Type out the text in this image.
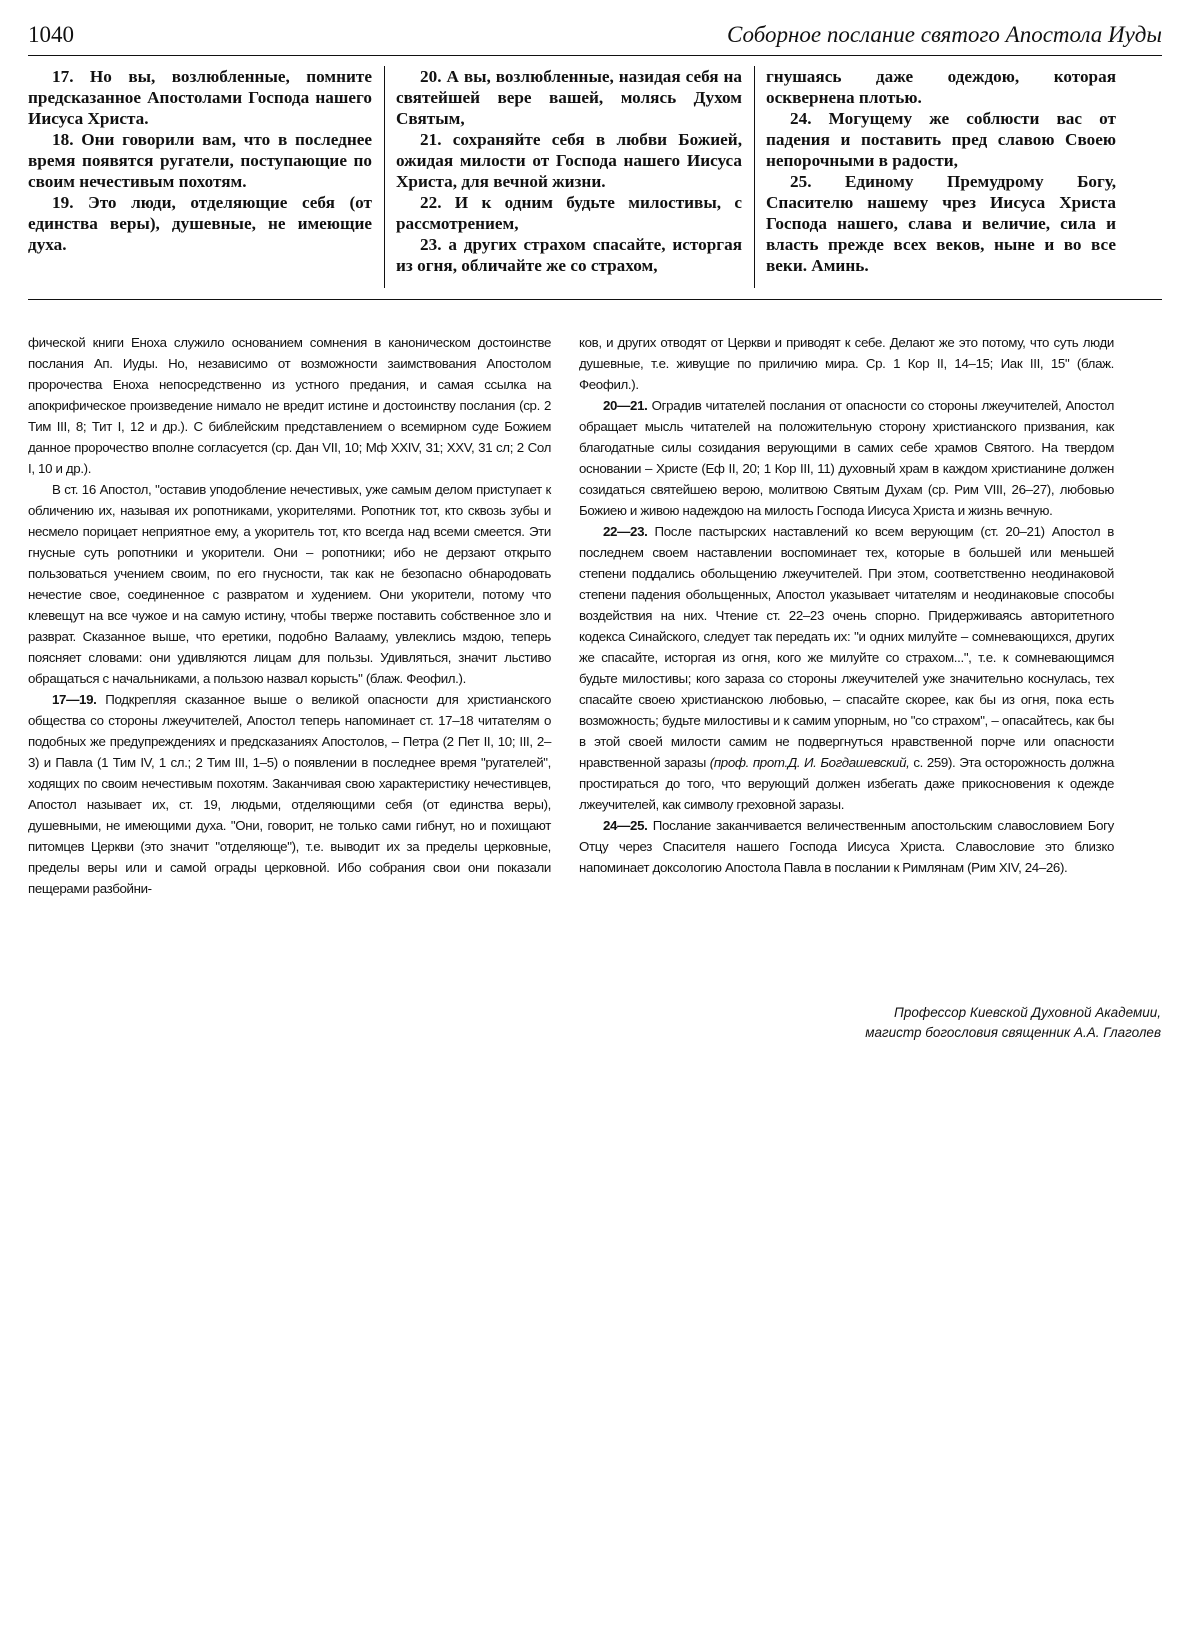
1040	Соборное послание святого Апостола Иуды

17. Но вы, возлюбленные, помните предсказанное Апостолами Господа нашего Иисуса Христа.

18. Они говорили вам, что в последнее время появятся ругатели, поступающие по своим нечестивым похотям.

19. Это люди, отделяющие себя (от единства веры), душевные, не имеющие духа.

20. А вы, возлюбленные, назидая себя на святейшей вере вашей, молясь Духом Святым,

21. сохраняйте себя в любви Божией, ожидая милости от Господа нашего Иисуса Христа, для вечной жизни.

22. И к одним будьте милостивы, с рассмотрением,

23. а других страхом спасайте, исторгая из огня, обличайте же со страхом,

гнушаясь даже одеждою, которая осквернена плотью.

24. Могущему же соблюсти вас от падения и поставить пред славою Своею непорочными в радости,

25. Единому Премудрому Богу, Спасителю нашему чрез Иисуса Христа Господа нашего, слава и величие, сила и власть прежде всех веков, ныне и во все веки. Аминь.

фической книги Еноха служило основанием сомнения в каноническом достоинстве послания Ап. Иуды. Но, независимо от возможности заимствования Апостолом пророчества Еноха непосредственно из устного предания, и самая ссылка на апокрифическое произведение нимало не вредит истине и достоинству послания (ср. 2 Тим III, 8; Тит I, 12 и др.). С библейским представлением о всемирном суде Божием данное пророчество вполне согласуется (ср. Дан VII, 10; Мф XXIV, 31; XXV, 31 сл; 2 Сол I, 10 и др.).

В ст. 16 Апостол, "оставив уподобление нечестивых, уже самым делом приступает к обличению их, называя их ропотниками, укорителями. Ропотник тот, кто сквозь зубы и несмело порицает неприятное ему, а укоритель тот, кто всегда над всеми смеется. Эти гнусные суть ропотники и укорители. Они – ропотники; ибо не дерзают открыто пользоваться учением своим, по его гнусности, так как не безопасно обнародовать нечестие свое, соединенное с развратом и худением. Они укорители, потому что клевещут на все чужое и на самую истину, чтобы тверже поставить собственное зло и разврат. Сказанное выше, что еретики, подобно Валааму, увлеклись мздою, теперь поясняет словами: они удивляются лицам для пользы. Удивляться, значит льстиво обращаться с начальниками, а пользою назвал корысть" (блаж. Феофил.).

17—19. Подкрепляя сказанное выше о великой опасности для христианского общества со стороны лжеучителей, Апостол теперь напоминает ст. 17–18 читателям о подобных же предупреждениях и предсказаниях Апостолов, – Петра (2 Пет II, 10; III, 2–3) и Павла (1 Тим IV, 1 сл.; 2 Тим III, 1–5) о появлении в последнее время "ругателей", ходящих по своим нечестивым похотям. Заканчивая свою характеристику нечестивцев, Апостол называет их, ст. 19, людьми, отделяющими себя (от единства веры), душевными, не имеющими духа. "Они, говорит, не только сами гибнут, но и похищают питомцев Церкви (это значит "отделяюще"), т.е. выводит их за пределы церковные, пределы веры или и самой ограды церковной. Ибо собрания свои они показали пещерами разбойни-

ков, и других отводят от Церкви и приводят к себе. Делают же это потому, что суть люди душевные, т.е. живущие по приличию мира. Ср. 1 Кор II, 14–15; Иак III, 15" (блаж. Феофил.).

20—21. Оградив читателей послания от опасности со стороны лжеучителей, Апостол обращает мысль читателей на положительную сторону христианского призвания, как благодатные силы созидания верующими в самих себе храмов Святого. На твердом основании – Христе (Еф II, 20; 1 Кор III, 11) духовный храм в каждом христианине должен созидаться святейшею верою, молитвою Святым Духам (ср. Рим VIII, 26–27), любовью Божиею и живою надеждою на милость Господа Иисуса Христа и жизнь вечную.

22—23. После пастырских наставлений ко всем верующим (ст. 20–21) Апостол в последнем своем наставлении воспоминает тех, которые в большей или меньшей степени поддались обольщению лжеучителей. При этом, соответственно неодинаковой степени падения обольщенных, Апостол указывает читателям и неодинаковые способы воздействия на них. Чтение ст. 22–23 очень спорно. Придерживаясь авторитетного кодекса Синайского, следует так передать их: "и одних милуйте – сомневающихся, других же спасайте, исторгая из огня, кого же милуйте со страхом...", т.е. к сомневающимся будьте милостивы; кого зараза со стороны лжеучителей уже значительно коснулась, тех спасайте своею христианскою любовью, – спасайте скорее, как бы из огня, пока есть возможность; будьте милостивы и к самим упорным, но "со страхом", – опасайтесь, как бы в этой своей милости самим не подвергнуться нравственной порче или опасности нравственной заразы (проф. прот.Д. И. Богдашевский, с. 259). Эта осторожность должна простираться до того, что верующий должен избегать даже прикосновения к одежде лжеучителей, как символу греховной заразы.

24—25. Послание заканчивается величественным апостольским славословием Богу Отцу через Спасителя нашего Господа Иисуса Христа. Славословие это близко напоминает доксологию Апостола Павла в послании к Римлянам (Рим XIV, 24–26).

Профессор Киевской Духовной Академии,
магистр богословия священник А.А. Глаголев
